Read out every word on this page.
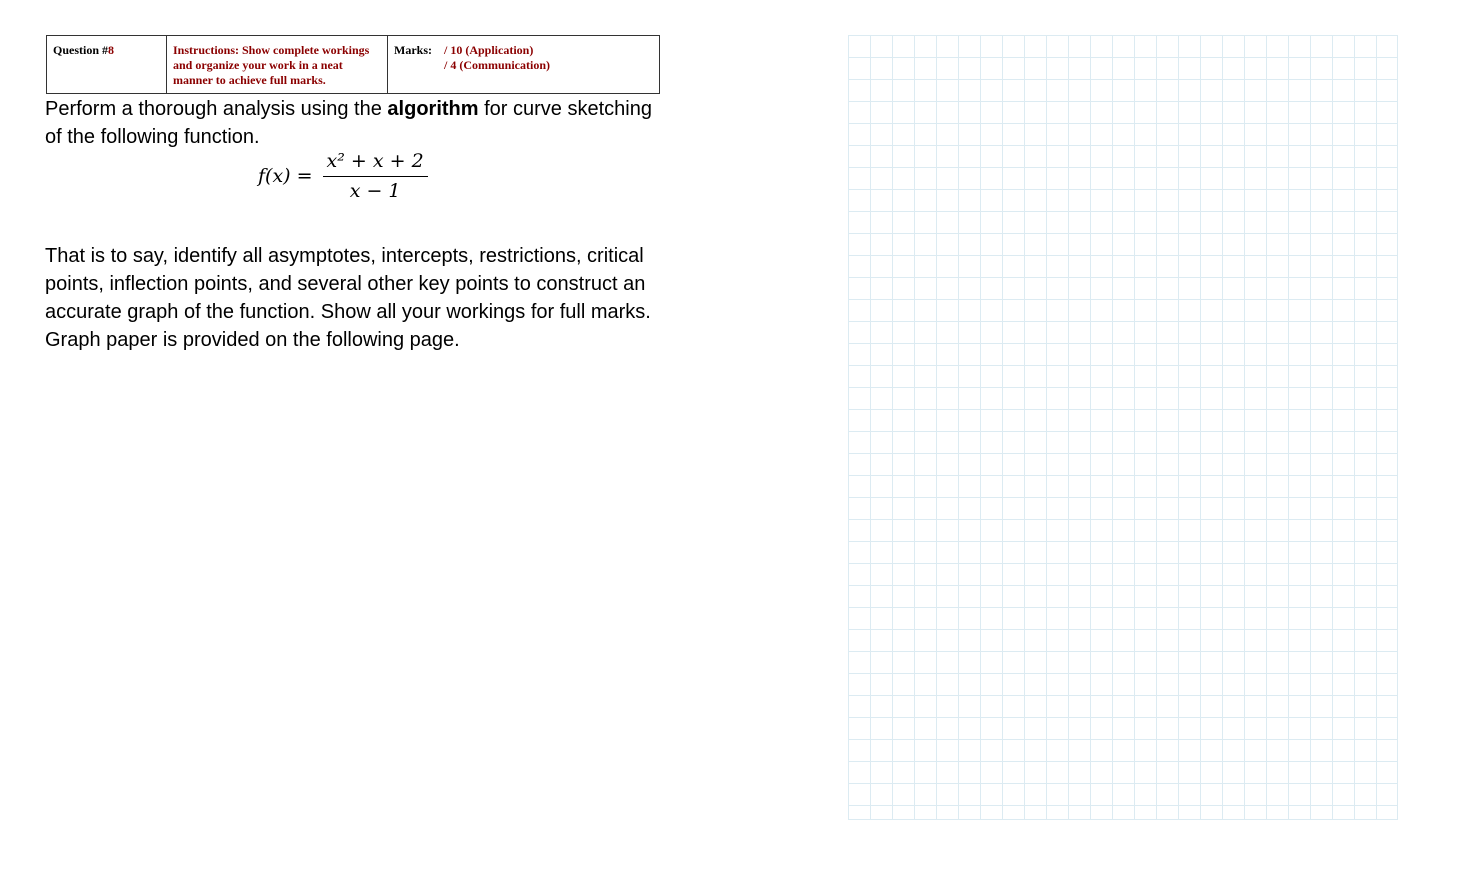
Question #8	Instructions: Show complete workings and organize your work in a neat manner to achieve full marks.
Marks: / 10 (Application)
/ 4 (Communication)
Perform a thorough analysis using the algorithm for curve sketching of the following function.
$f(x) = \frac{\text{x² + x + 2}}{x - 1}$
That is to say, identify all asymptotes, intercepts, restrictions, critical points, inflection points, and several other key points to construct an accurate graph of the function. Show all your workings for full marks. Graph paper is provided on the following page.
